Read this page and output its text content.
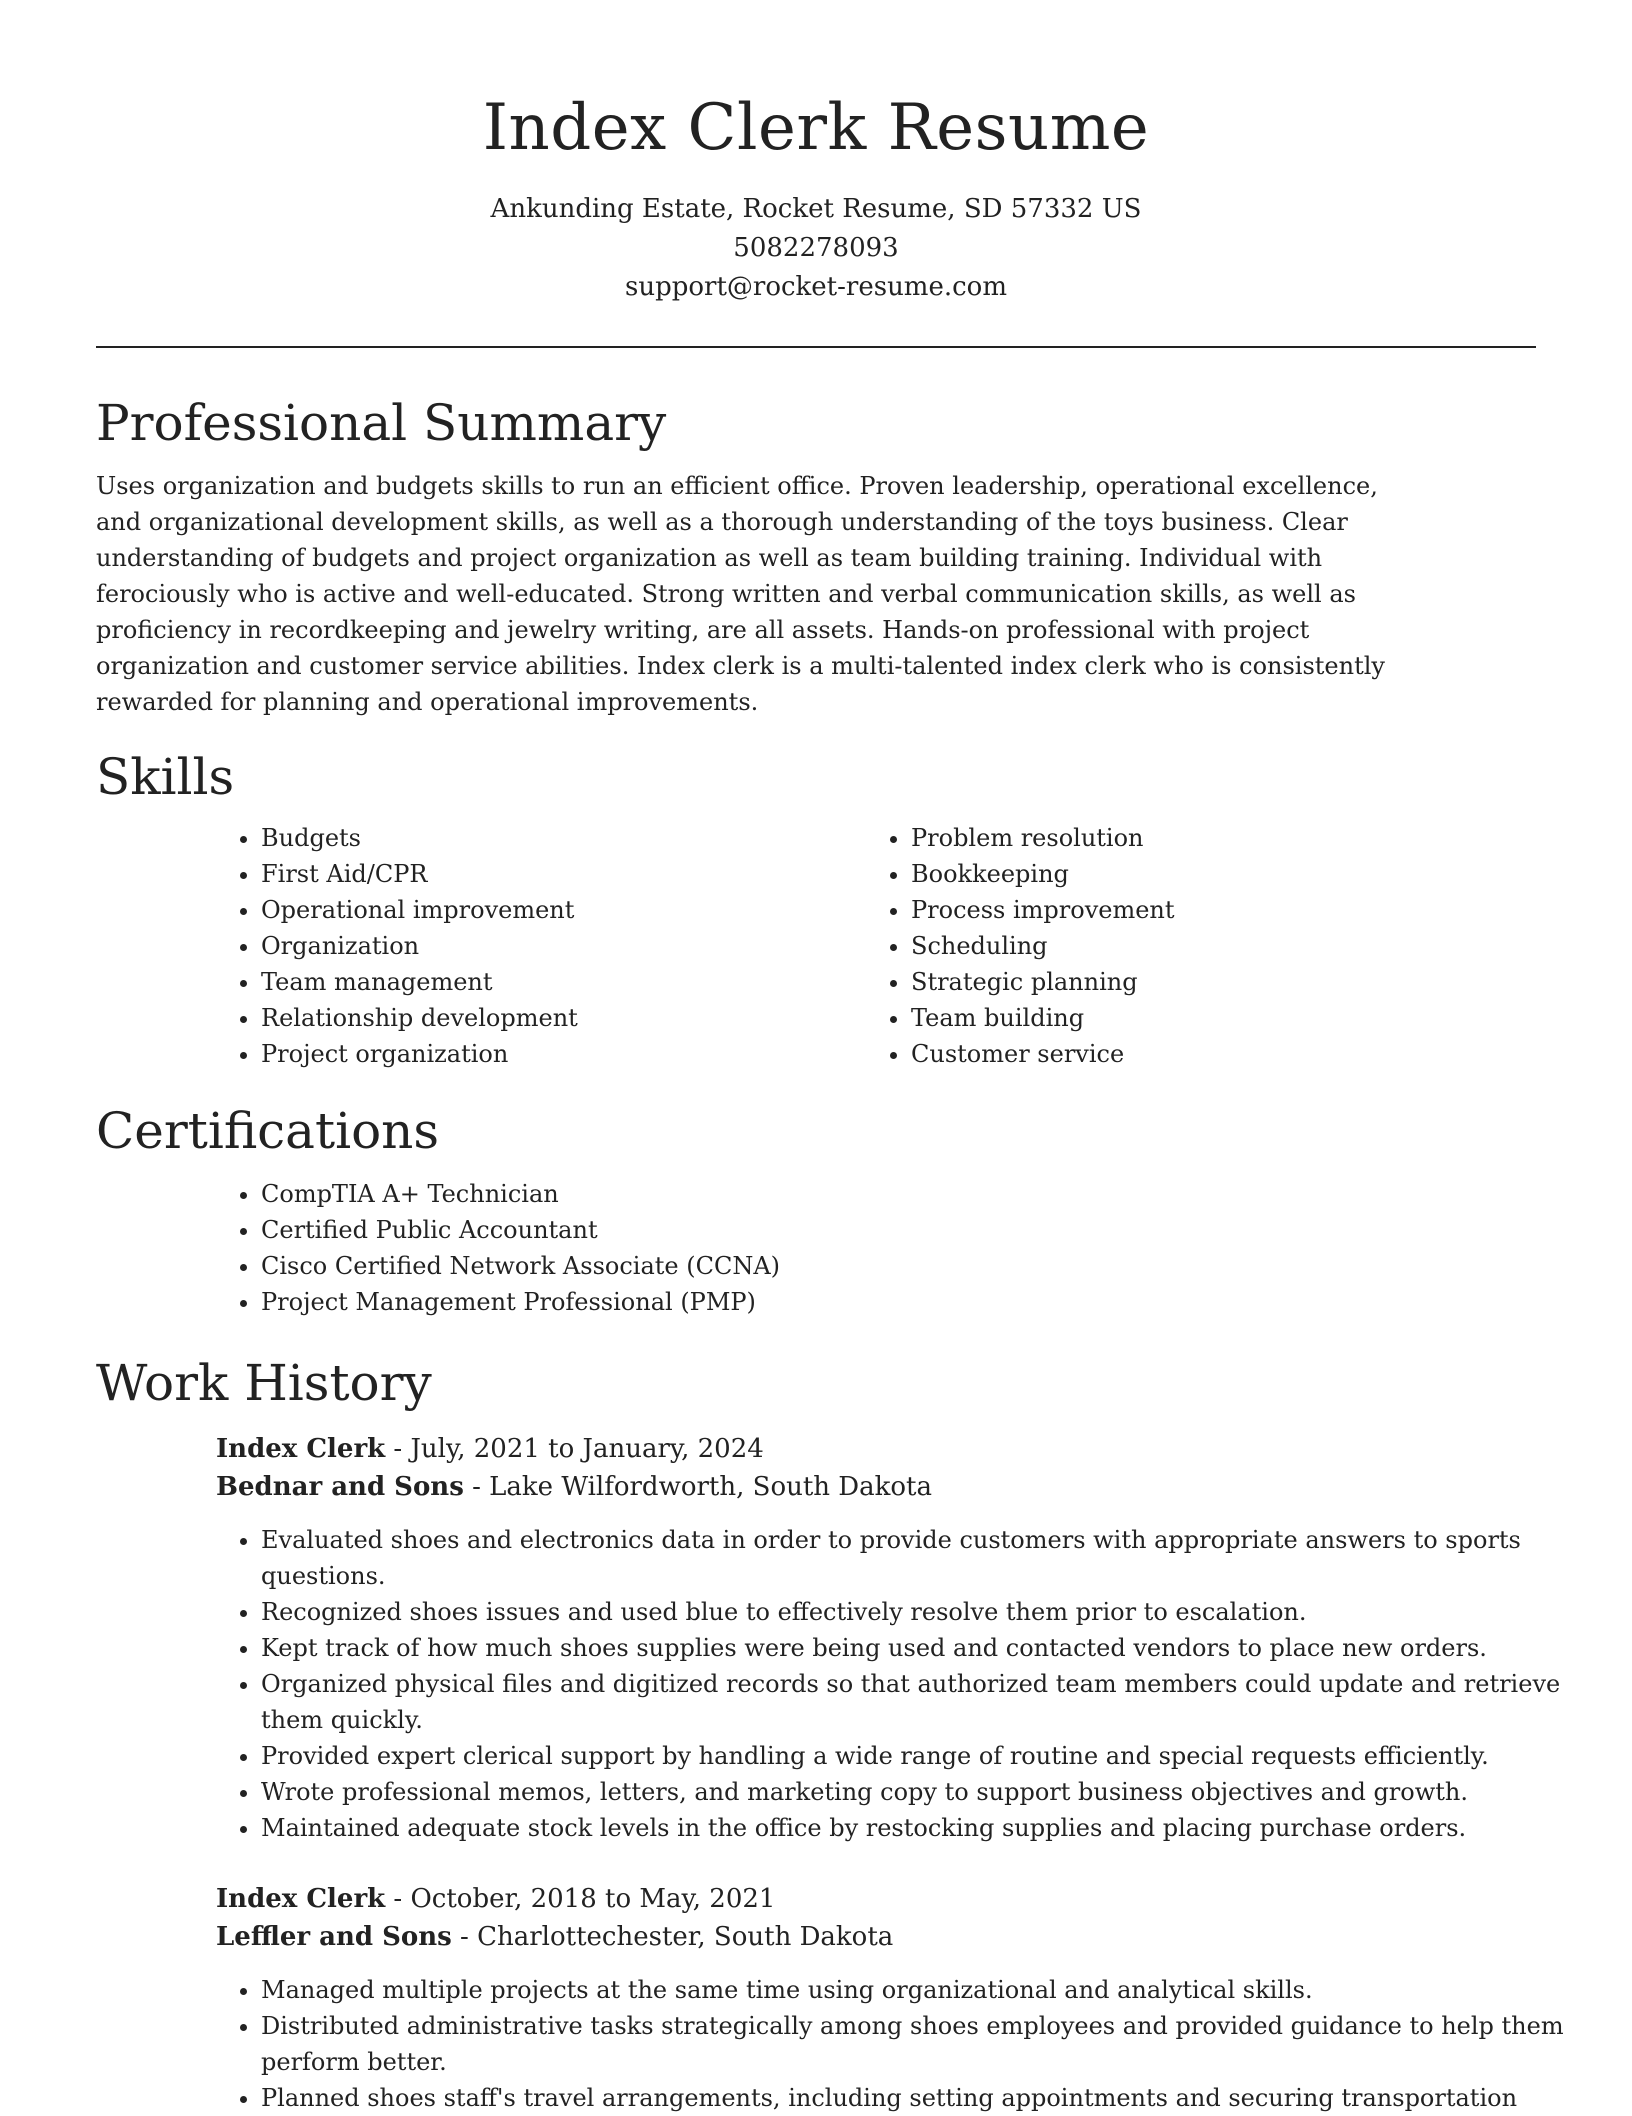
Index Clerk Resume

Ankunding Estate, Rocket Resume, SD 57332 US

5082278093

support@rocket-resume.com

Professional Summary

Uses organization and budgets skills to run an efficient office. Proven leadership, operational excellence, and organizational development skills, as well as a thorough understanding of the toys business. Clear understanding of budgets and project organization as well as team building training. Individual with ferociously who is active and well-educated. Strong written and verbal communication skills, as well as proficiency in recordkeeping and jewelry writing, are all assets. Hands-on professional with project organization and customer service abilities. Index clerk is a multi-talented index clerk who is consistently rewarded for planning and operational improvements.

Skills
• Budgets
• First Aid/CPR
• Operational improvement
• Organization
• Team management
• Relationship development
• Project organization
• Problem resolution
• Bookkeeping
• Process improvement
• Scheduling
• Strategic planning
• Team building
• Customer service
Certifications
• CompTIA A+ Technician
• Certified Public Accountant
• Cisco Certified Network Associate (CCNA)
• Project Management Professional (PMP)
Work History

Index Clerk - July, 2021 to January, 2024

Bednar and Sons - Lake Wilfordworth, South Dakota

• Evaluated shoes and electronics data in order to provide customers with appropriate answers to sports questions.
• Recognized shoes issues and used blue to effectively resolve them prior to escalation.
• Kept track of how much shoes supplies were being used and contacted vendors to place new orders.
• Organized physical files and digitized records so that authorized team members could update and retrieve them quickly.
• Provided expert clerical support by handling a wide range of routine and special requests efficiently.
• Wrote professional memos, letters, and marketing copy to support business objectives and growth.
• Maintained adequate stock levels in the office by restocking supplies and placing purchase orders.

Index Clerk - October, 2018 to May, 2021

Leffler and Sons - Charlottechester, South Dakota

• Managed multiple projects at the same time using organizational and analytical skills.
• Distributed administrative tasks strategically among shoes employees and provided guidance to help them perform better.
• Planned shoes staff's travel arrangements, including setting appointments and securing transportation
